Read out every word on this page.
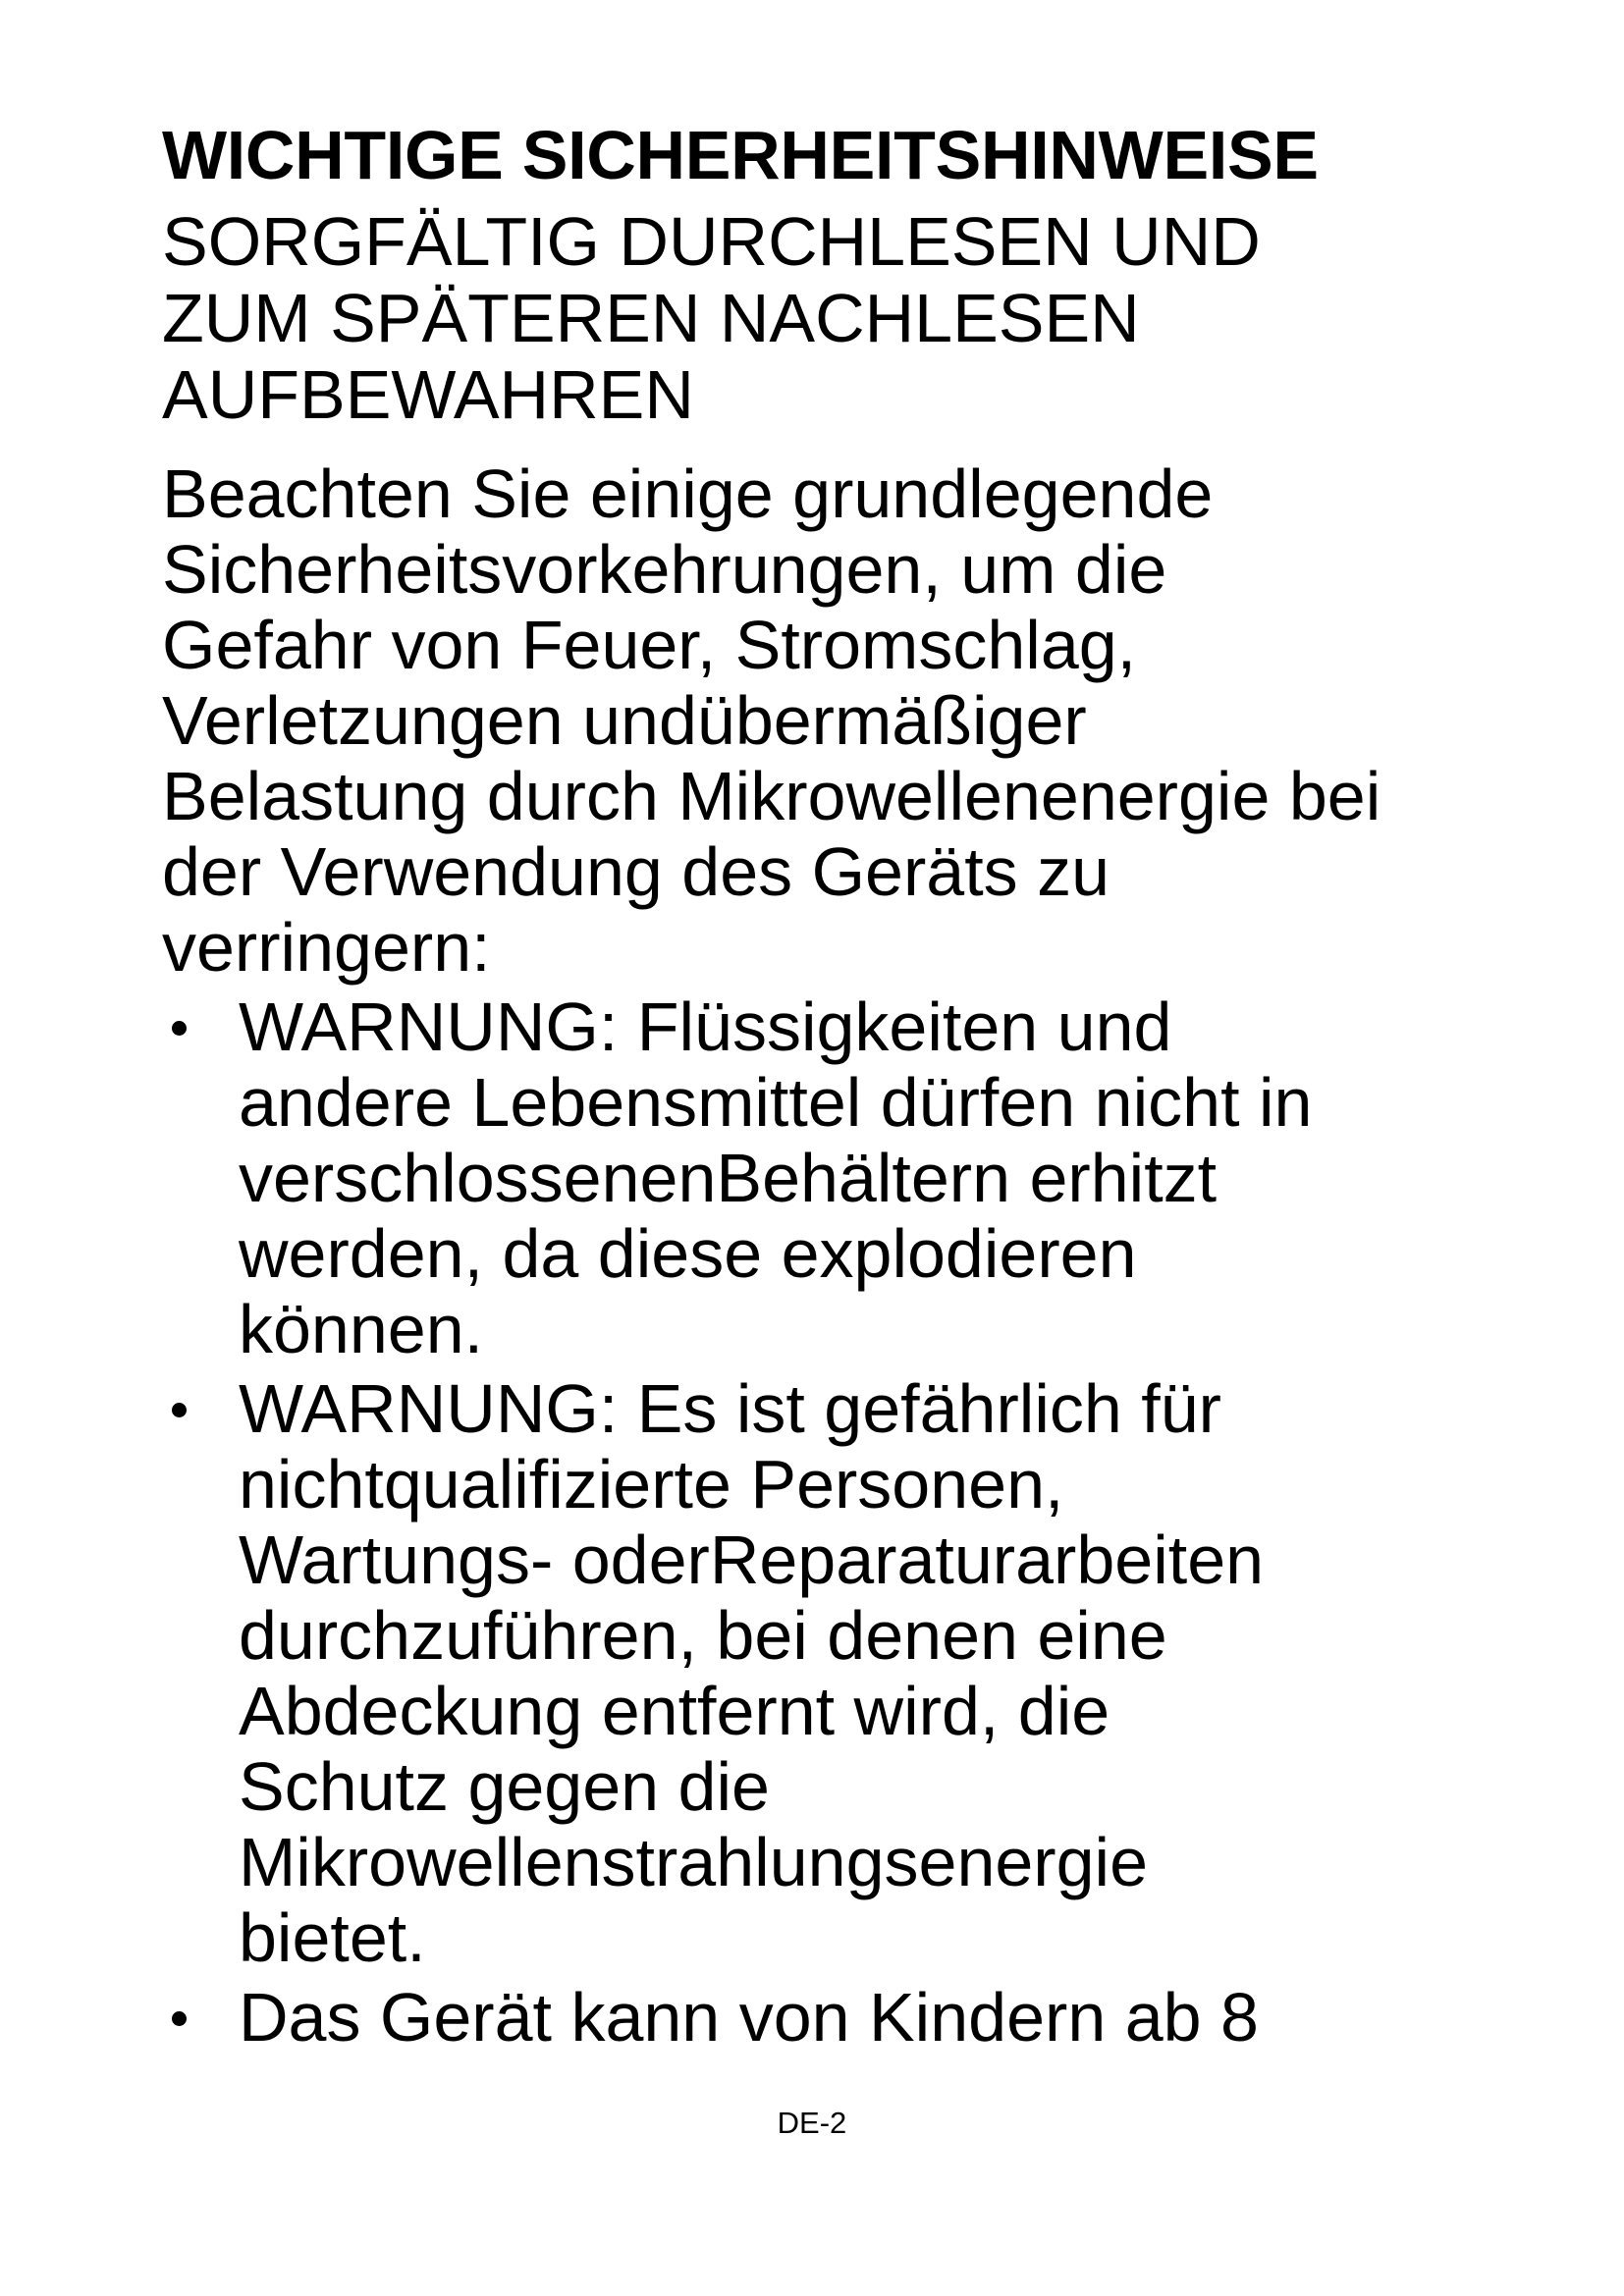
WICHTIGE SICHERHEITSHINWEISE
SORGFÄLTIG DURCHLESEN UND
ZUM SPÄTEREN NACHLESEN
AUFBEWAHREN
Beachten Sie einige grundlegende
Sicherheitsvorkehrungen, um die
Gefahr von Feuer, Stromschlag,
Verletzungen undübermäßiger
Belastung durch Mikrowellenenergie bei
der Verwendung des Geräts zu
verringern:
WARNUNG: Flüssigkeiten und
andere Lebensmittel dürfen nicht in
verschlossenenBehältern erhitzt
werden, da diese explodieren
können.
WARNUNG: Es ist gefährlich für
nichtqualifizierte Personen,
Wartungs- oderReparaturarbeiten
durchzuführen, bei denen eine
Abdeckung entfernt wird, die
Schutz gegen die
Mikrowellenstrahlungsenergie
bietet.
Das Gerät kann von Kindern ab 8
DE-2
